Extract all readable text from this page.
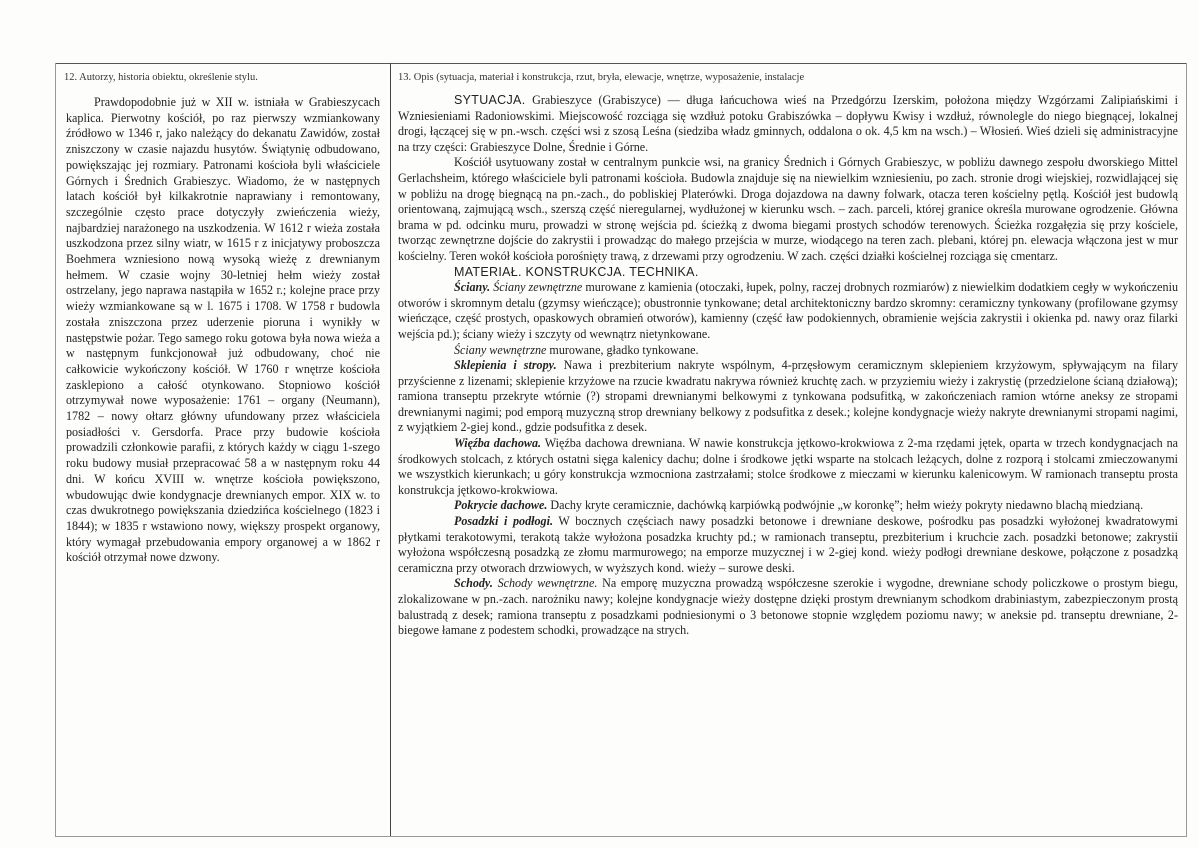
12. Autorzy, historia obiektu, określenie stylu.	13. Opis (sytuacja, materiał i konstrukcja, rzut, bryła, elewacje, wnętrze, wyposażenie, instalacje

Prawdopodobnie już w XII w. istniała w Grabieszycach kaplica. Pierwotny kościół, po raz pierwszy wzmiankowany źródłowo w 1346 r, jako należący do dekanatu Zawidów, został zniszczony w czasie najazdu husytów. Świątynię odbudowano, powiększając jej rozmiary. Patronami kościoła byli właściciele Górnych i Średnich Grabieszyc. Wiadomo, że w następnych latach kościół był kilkakrotnie naprawiany i remontowany, szczególnie często prace dotyczyły zwieńczenia wieży, najbardziej narażonego na uszkodzenia. W 1612 r wieża została uszkodzona przez silny wiatr, w 1615 r z inicjatywy proboszcza Boehmera wzniesiono nową wysoką wieżę z drewnianym hełmem. W czasie wojny 30-letniej hełm wieży został ostrzelany, jego naprawa nastąpiła w 1652 r.; kolejne prace przy wieży wzmiankowane są w l. 1675 i 1708. W 1758 r budowla została zniszczona przez uderzenie pioruna i wynikły w następstwie pożar. Tego samego roku gotowa była nowa wieża a w następnym funkcjonował już odbudowany, choć nie całkowicie wykończony kościół. W 1760 r wnętrze kościoła zasklepiono a całość otynkowano. Stopniowo kościół otrzymywał nowe wyposażenie: 1761 – organy (Neumann), 1782 – nowy ołtarz główny ufundowany przez właściciela posiadłości v. Gersdorfa. Prace przy budowie kościoła prowadzili członkowie parafii, z których każdy w ciągu 1-szego roku budowy musiał przepracować 58 a w następnym roku 44 dni. W końcu XVIII w. wnętrze kościoła powiększono, wbudowując dwie kondygnacje drewnianych empor. XIX w. to czas dwukrotnego powiększania dziedzińca kościelnego (1823 i 1844); w 1835 r wstawiono nowy, większy prospekt organowy, który wymagał przebudowania empory organowej a w 1862 r kościół otrzymał nowe dzwony.

SYTUACJA. Grabieszyce (Grabiszyce) — długa łańcuchowa wieś na Przedgórzu Izerskim, położona między Wzgórzami Zalipiańskimi i Wzniesieniami Radoniowskimi. Miejscowość rozciąga się wzdłuż potoku Grabiszówka – dopływu Kwisy i wzdłuż, równolegle do niego biegnącej, lokalnej drogi, łączącej się w pn.-wsch. części wsi z szosą Leśna (siedziba władz gminnych, oddalona o ok. 4,5 km na wsch.) – Włosień. Wieś dzieli się administracyjne na trzy części: Grabieszyce Dolne, Średnie i Górne.

Kościół usytuowany został w centralnym punkcie wsi, na granicy Średnich i Górnych Grabieszyc, w pobliżu dawnego zespołu dworskiego Mittel Gerlachsheim, którego właściciele byli patronami kościoła. Budowla znajduje się na niewielkim wzniesieniu, po zach. stronie drogi wiejskiej, rozwidlającej się w pobliżu na drogę biegnącą na pn.-zach., do pobliskiej Platerówki. Droga dojazdowa na dawny folwark, otacza teren kościelny pętlą. Kościół jest budowlą orientowaną, zajmującą wsch., szerszą część nieregularnej, wydłużonej w kierunku wsch. – zach. parceli, której granice określa murowane ogrodzenie. Główna brama w pd. odcinku muru, prowadzi w stronę wejścia pd. ścieżką z dwoma biegami prostych schodów terenowych. Ścieżka rozgałęzia się przy kościele, tworząc zewnętrzne dojście do zakrystii i prowadząc do małego przejścia w murze, wiodącego na teren zach. plebani, której pn. elewacja włączona jest w mur kościelny. Teren wokół kościoła porośnięty trawą, z drzewami przy ogrodzeniu. W zach. części działki kościelnej rozciąga się cmentarz.

MATERIAŁ. KONSTRUKCJA. TECHNIKA.

Ściany. Ściany zewnętrzne murowane z kamienia (otoczaki, łupek, polny, raczej drobnych rozmiarów) z niewielkim dodatkiem cegły w wykończeniu otworów i skromnym detalu (gzymsy wieńczące); obustronnie tynkowane; detal architektoniczny bardzo skromny: ceramiczny tynkowany (profilowane gzymsy wieńczące, część prostych, opaskowych obramień otworów), kamienny (część ław podokiennych, obramienie wejścia zakrystii i okienka pd. nawy oraz filarki wejścia pd.); ściany wieży i szczyty od wewnątrz nietynkowane.

Ściany wewnętrzne murowane, gładko tynkowane.

Sklepienia i stropy. Nawa i prezbiterium nakryte wspólnym, 4-przęsłowym ceramicznym sklepieniem krzyżowym, spływającym na filary przyścienne z lizenami; sklepienie krzyżowe na rzucie kwadratu nakrywa również kruchtę zach. w przyziemiu wieży i zakrystię (przedzielone ścianą działową); ramiona transeptu przekryte wtórnie (?) stropami drewnianymi belkowymi z tynkowana podsufitką, w zakończeniach ramion wtórne aneksy ze stropami drewnianymi nagimi; pod emporą muzyczną strop drewniany belkowy z podsufitka z desek.; kolejne kondygnacje wieży nakryte drewnianymi stropami nagimi, z wyjątkiem 2-giej kond., gdzie podsufitka z desek.

Więźba dachowa. Więźba dachowa drewniana. W nawie konstrukcja jętkowo-krokwiowa z 2-ma rzędami jętek, oparta w trzech kondygnacjach na środkowych stolcach, z których ostatni sięga kalenicy dachu; dolne i środkowe jętki wsparte na stolcach leżących, dolne z rozporą i stolcami zmieczowanymi we wszystkich kierunkach; u góry konstrukcja wzmocniona zastrzałami; stolce środkowe z mieczami w kierunku kalenicowym. W ramionach transeptu prosta konstrukcja jętkowo-krokwiowa.

Pokrycie dachowe. Dachy kryte ceramicznie, dachówką karpiówką podwójnie „w koronkę”; hełm wieży pokryty niedawno blachą miedzianą.

Posadzki i podłogi. W bocznych częściach nawy posadzki betonowe i drewniane deskowe, pośrodku pas posadzki wyłożonej kwadratowymi płytkami terakotowymi, terakotą także wyłożona posadzka kruchty pd.; w ramionach transeptu, prezbiterium i kruchcie zach. posadzki betonowe; zakrystii wyłożona współczesną posadzką ze złomu marmurowego; na emporze muzycznej i w 2-giej kond. wieży podłogi drewniane deskowe, połączone z posadzką ceramiczna przy otworach drzwiowych, w wyższych kond. wieży – surowe deski.

Schody. Schody wewnętrzne. Na emporę muzyczna prowadzą współczesne szerokie i wygodne, drewniane schody policzkowe o prostym biegu, zlokalizowane w pn.-zach. narożniku nawy; kolejne kondygnacje wieży dostępne dzięki prostym drewnianym schodkom drabiniastym, zabezpieczonym prostą balustradą z desek; ramiona transeptu z posadzkami podniesionymi o 3 betonowe stopnie względem poziomu nawy; w aneksie pd. transeptu drewniane, 2-biegowe łamane z podestem schodki, prowadzące na strych.
